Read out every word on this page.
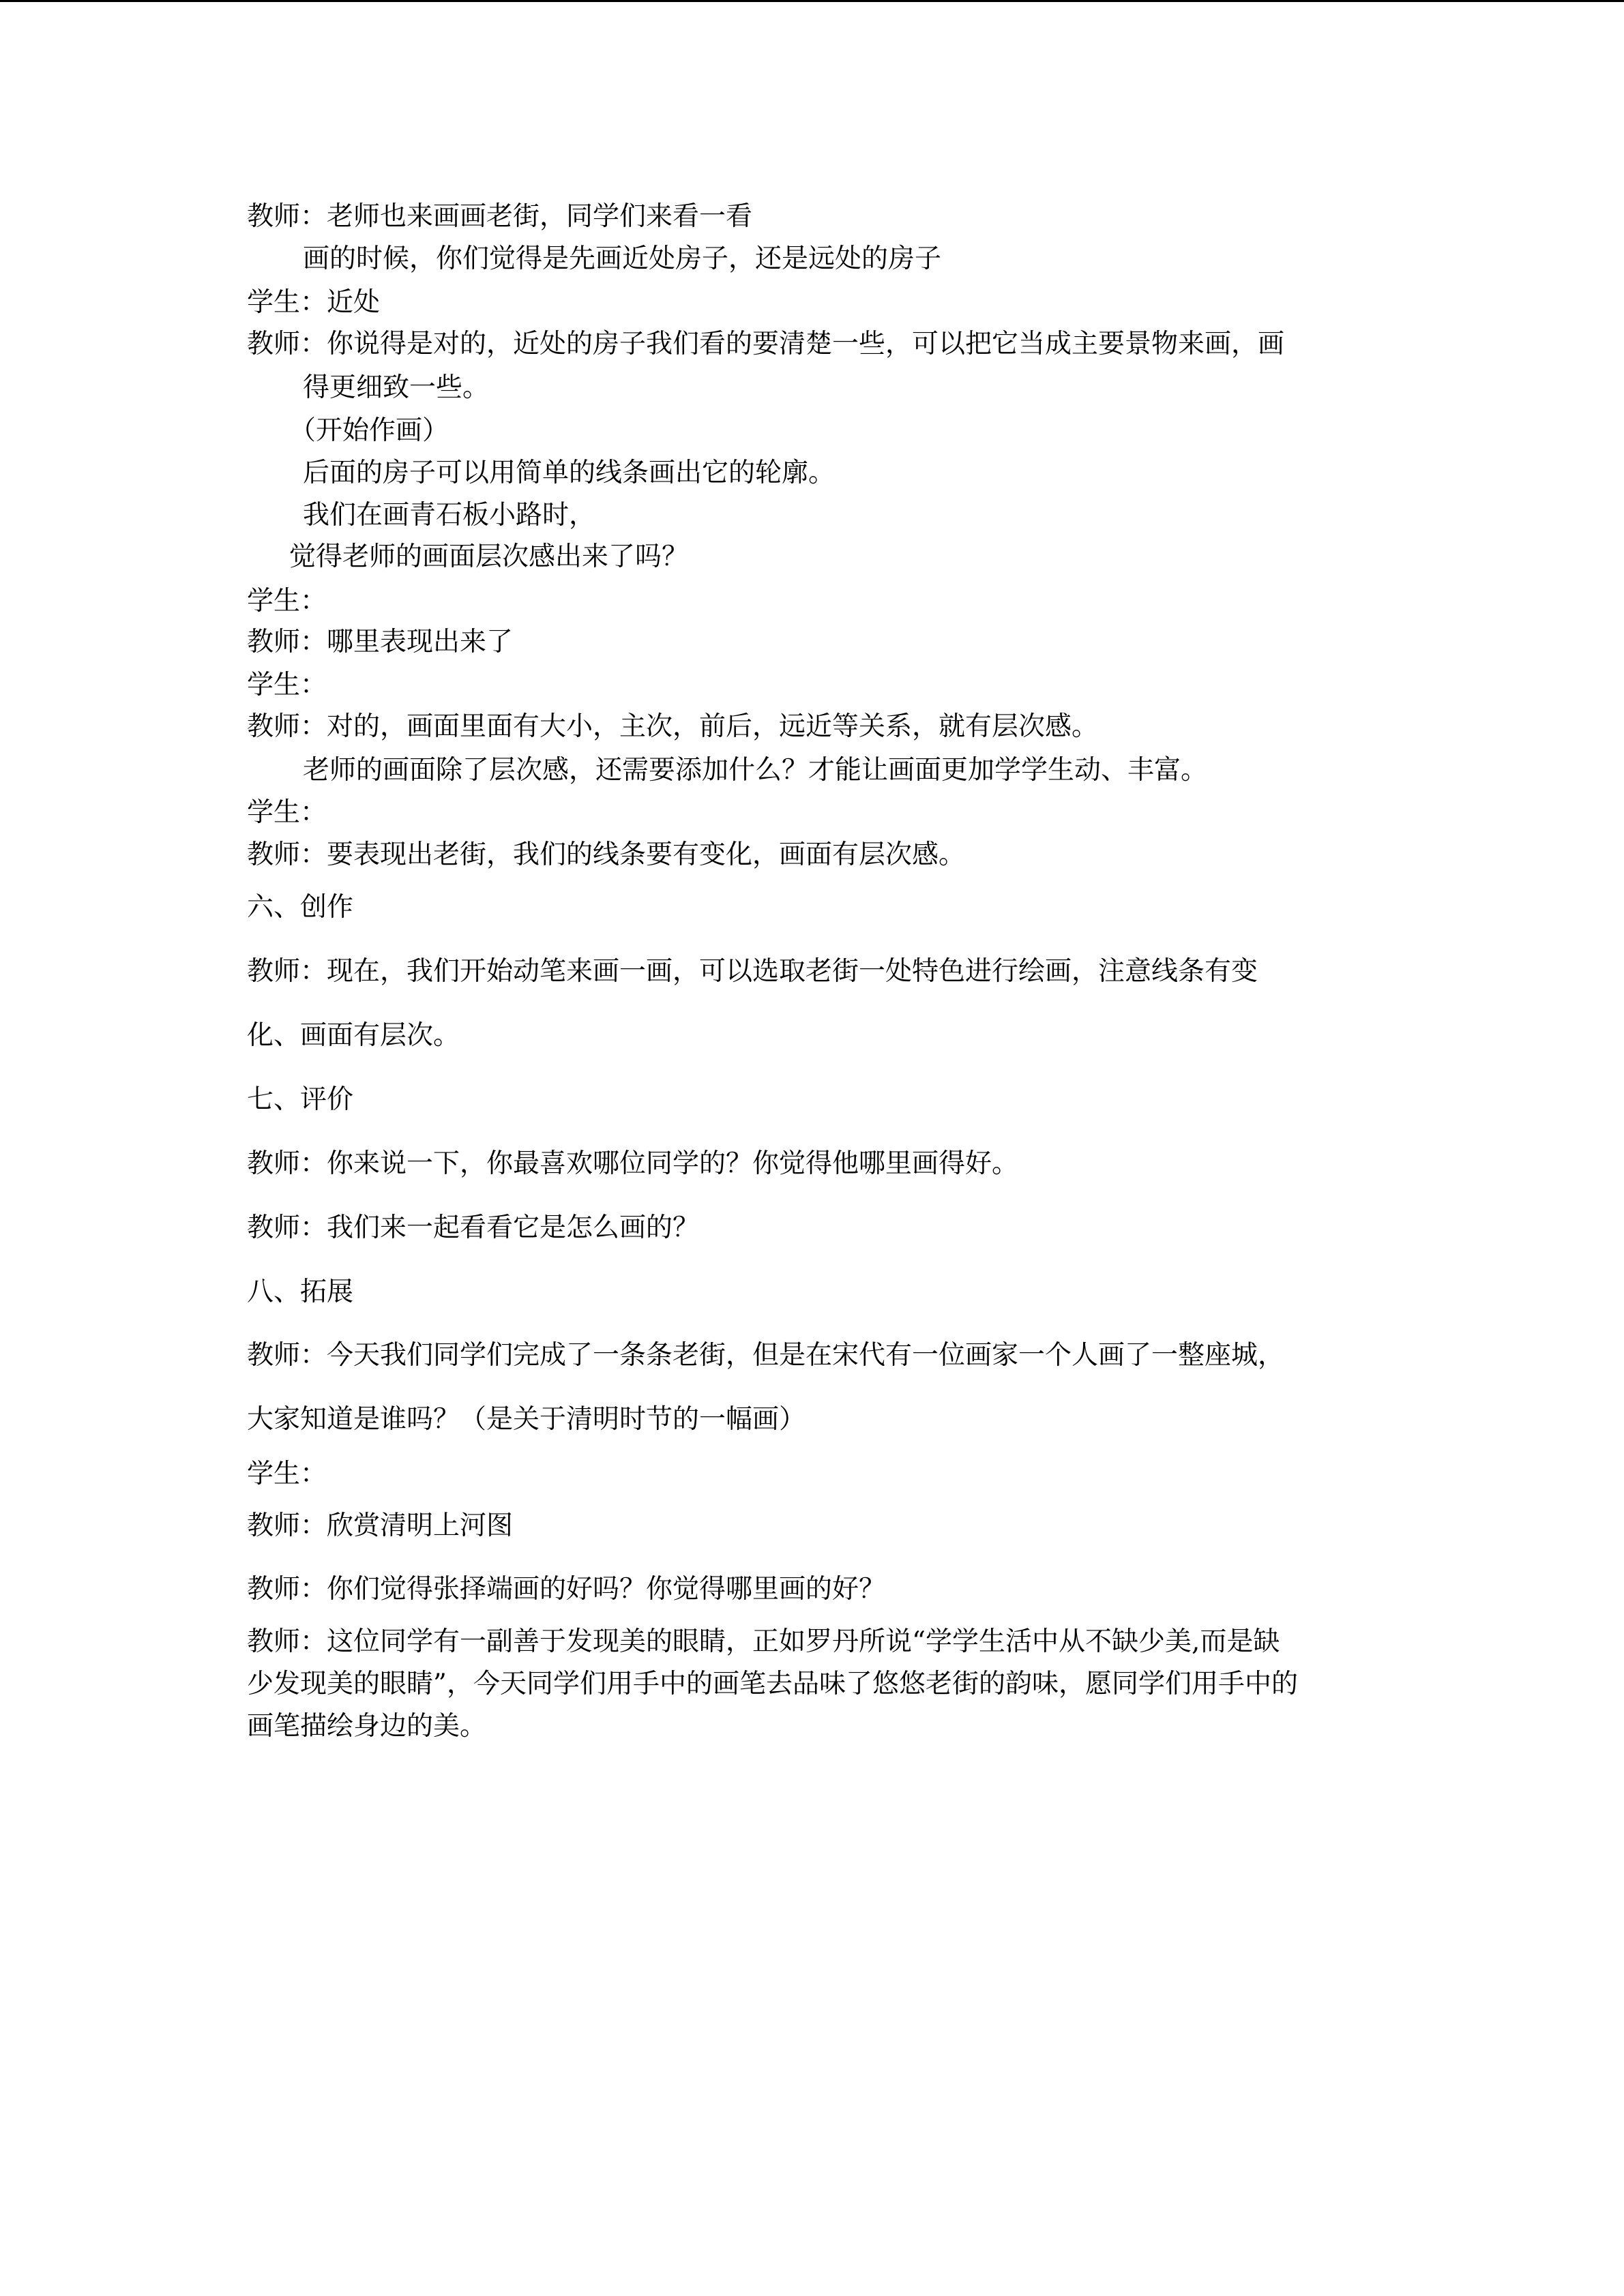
教师：老师也来画画老街，同学们来看一看
画的时候，你们觉得是先画近处房子，还是远处的房子
学生：近处
教师：你说得是对的，近处的房子我们看的要清楚一些，可以把它当成主要景物来画，画
得更细致一些。
（开始作画）
后面的房子可以用简单的线条画出它的轮廓。
我们在画青石板小路时，
觉得老师的画面层次感出来了吗？
学生：
教师：哪里表现出来了
学生：
教师：对的，画面里面有大小，主次，前后，远近等关系，就有层次感。
老师的画面除了层次感，还需要添加什么？才能让画面更加学学生动、丰富。
学生：
教师：要表现出老街，我们的线条要有变化，画面有层次感。
六、创作
教师：现在，我们开始动笔来画一画，可以选取老街一处特色进行绘画，注意线条有变
化、画面有层次。
七、评价
教师：你来说一下，你最喜欢哪位同学的？你觉得他哪里画得好。
教师：我们来一起看看它是怎么画的？
八、拓展
教师：今天我们同学们完成了一条条老街，但是在宋代有一位画家一个人画了一整座城，
大家知道是谁吗？（是关于清明时节的一幅画）
学生：
教师：欣赏清明上河图
教师：你们觉得张择端画的好吗？你觉得哪里画的好？
教师：这位同学有一副善于发现美的眼睛，正如罗丹所说“学学生活中从不缺少美,而是缺
少发现美的眼睛”，今天同学们用手中的画笔去品味了悠悠老街的韵味，愿同学们用手中的
画笔描绘身边的美。
